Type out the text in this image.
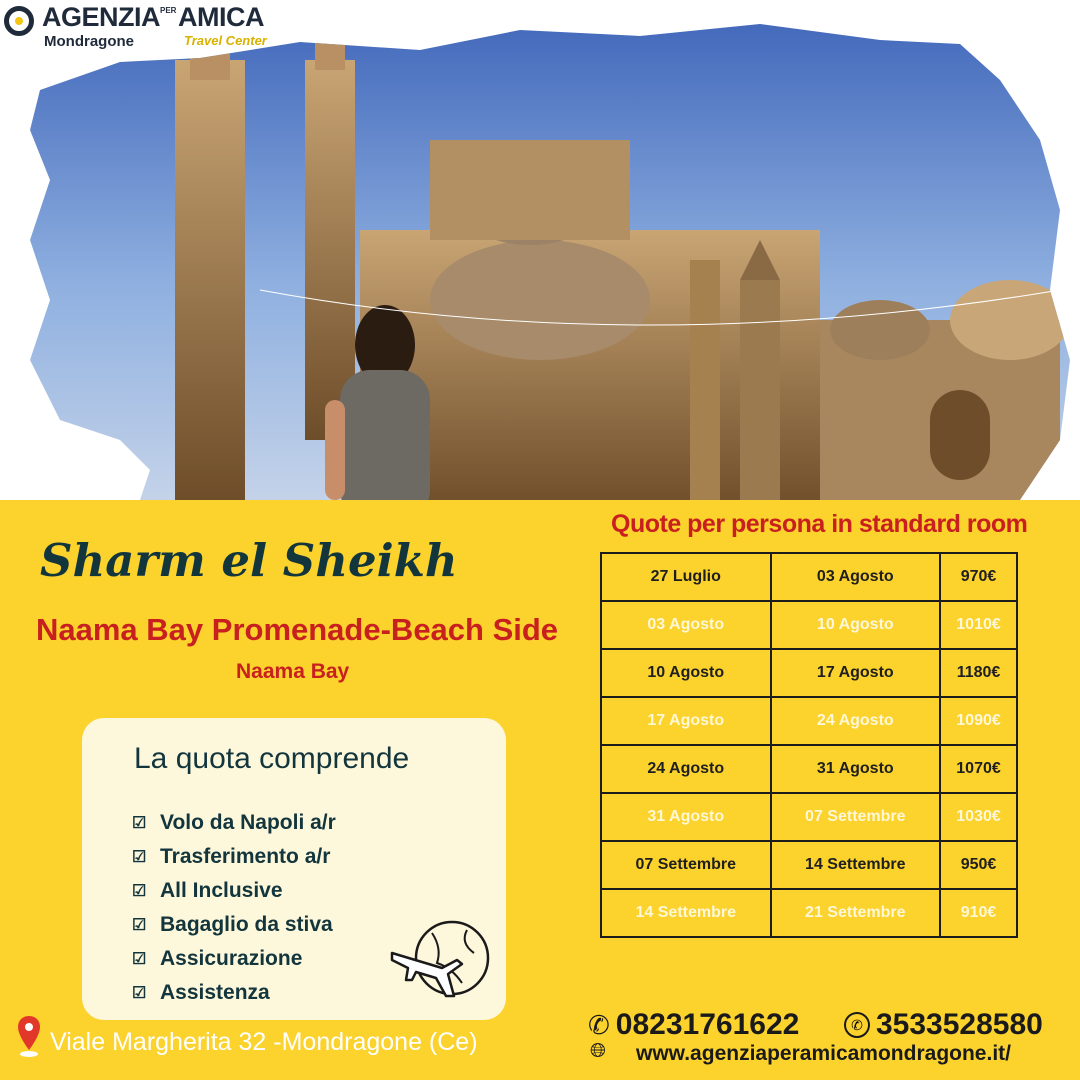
AGENZIA PER AMICA
Mondragone	Travel Center
Sharm el Sheikh
Naama Bay Promenade-Beach Side
Naama Bay
La quota comprende
☑ Volo da Napoli a/r
☑ Trasferimento a/r
☑ All Inclusive
☑ Bagaglio da stiva
☑ Assicurazione
☑ Assistenza
Quote per persona in standard room
27 Luglio	03 Agosto	970€
03 Agosto	10 Agosto	1010€
10 Agosto	17 Agosto	1180€
17 Agosto	24 Agosto	1090€
24 Agosto	31 Agosto	1070€
31 Agosto	07 Settembre	1030€
07 Settembre	14 Settembre	950€
14 Settembre	21 Settembre	910€
Viale Margherita 32 -Mondragone (Ce)
✆ 08231761622	✆ 3533528580
🌐︎ www.agenziaperamicamondragone.it/
